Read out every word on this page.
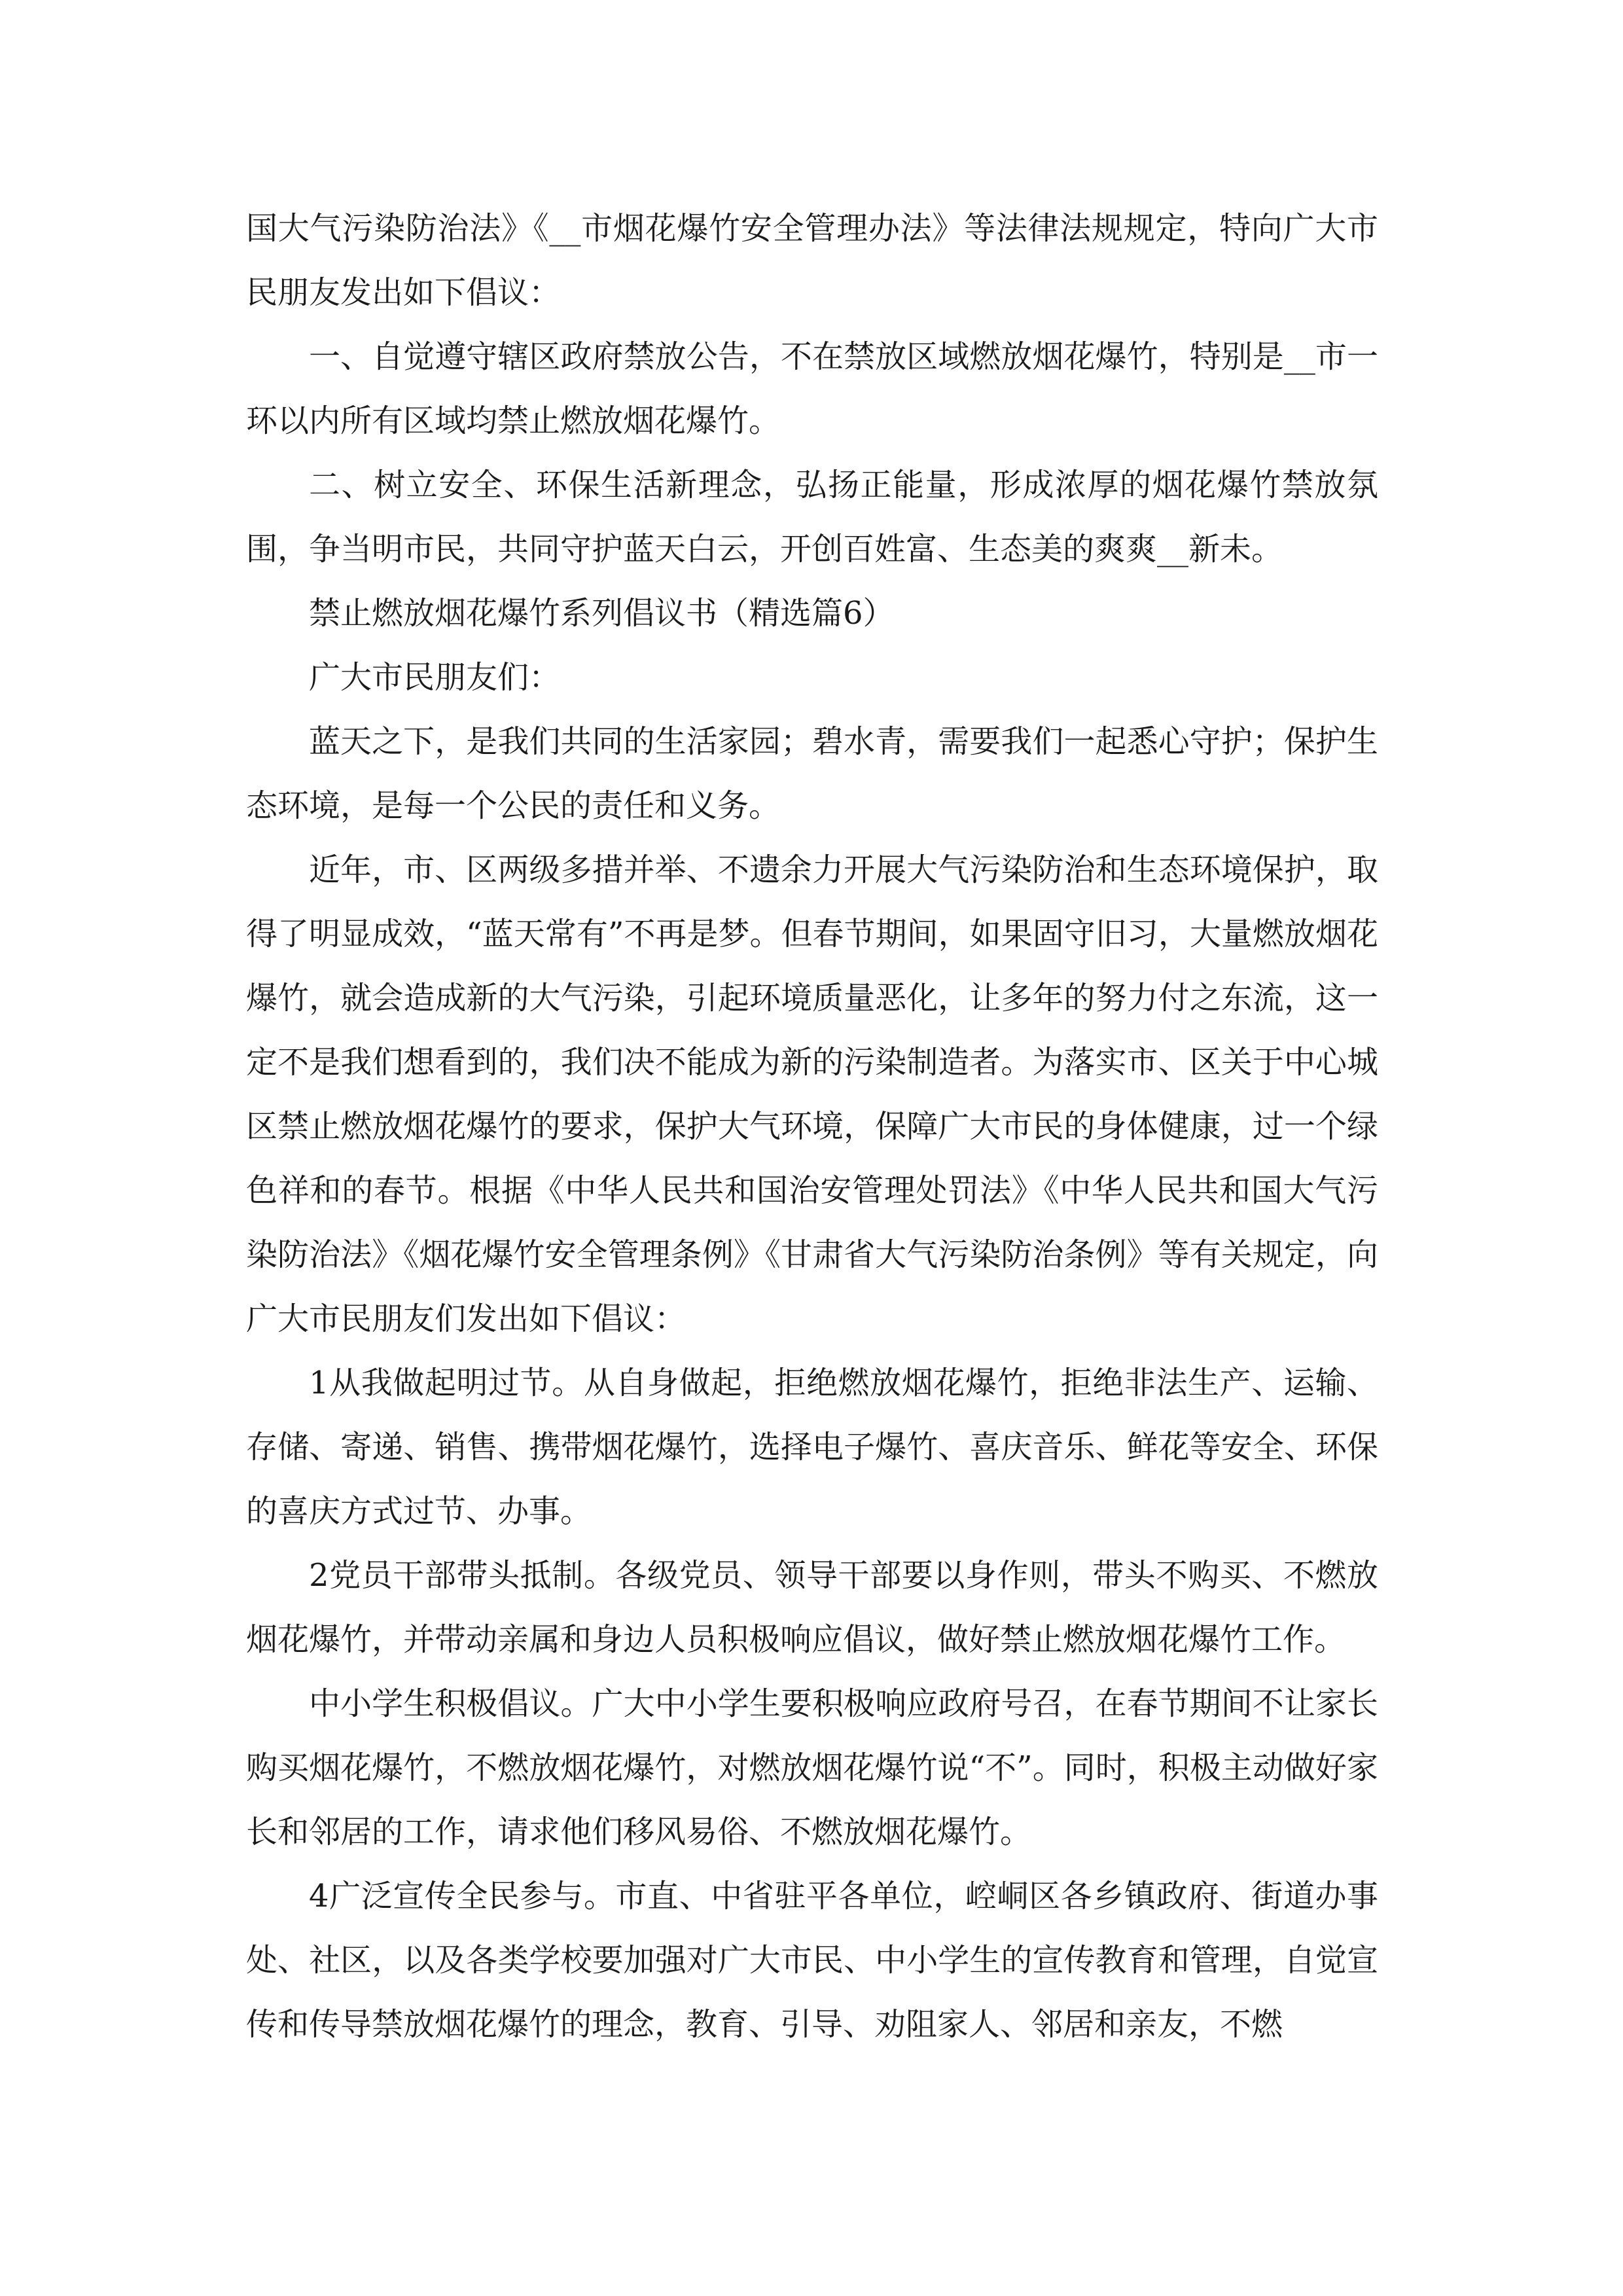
国大气污染防治法》《__市烟花爆竹安全管理办法》等法律法规规定，特向广大市民朋友发出如下倡议：

一、自觉遵守辖区政府禁放公告，不在禁放区域燃放烟花爆竹，特别是__市一环以内所有区域均禁止燃放烟花爆竹。

二、树立安全、环保生活新理念，弘扬正能量，形成浓厚的烟花爆竹禁放氛围，争当明市民，共同守护蓝天白云，开创百姓富、生态美的爽爽__新未。

禁止燃放烟花爆竹系列倡议书（精选篇6）

广大市民朋友们：

蓝天之下，是我们共同的生活家园；碧水青，需要我们一起悉心守护；保护生态环境，是每一个公民的责任和义务。

近年，市、区两级多措并举、不遗余力开展大气污染防治和生态环境保护，取得了明显成效，“蓝天常有”不再是梦。但春节期间，如果固守旧习，大量燃放烟花爆竹，就会造成新的大气污染，引起环境质量恶化，让多年的努力付之东流，这一定不是我们想看到的，我们决不能成为新的污染制造者。为落实市、区关于中心城区禁止燃放烟花爆竹的要求，保护大气环境，保障广大市民的身体健康，过一个绿色祥和的春节。根据《中华人民共和国治安管理处罚法》《中华人民共和国大气污染防治法》《烟花爆竹安全管理条例》《甘肃省大气污染防治条例》等有关规定，向广大市民朋友们发出如下倡议：

1从我做起明过节。从自身做起，拒绝燃放烟花爆竹，拒绝非法生产、运输、存储、寄递、销售、携带烟花爆竹，选择电子爆竹、喜庆音乐、鲜花等安全、环保的喜庆方式过节、办事。

2党员干部带头抵制。各级党员、领导干部要以身作则，带头不购买、不燃放烟花爆竹，并带动亲属和身边人员积极响应倡议，做好禁止燃放烟花爆竹工作。

中小学生积极倡议。广大中小学生要积极响应政府号召，在春节期间不让家长购买烟花爆竹，不燃放烟花爆竹，对燃放烟花爆竹说“不”。同时，积极主动做好家长和邻居的工作，请求他们移风易俗、不燃放烟花爆竹。

4广泛宣传全民参与。市直、中省驻平各单位，崆峒区各乡镇政府、街道办事处、社区，以及各类学校要加强对广大市民、中小学生的宣传教育和管理，自觉宣传和传导禁放烟花爆竹的理念，教育、引导、劝阻家人、邻居和亲友，不燃
